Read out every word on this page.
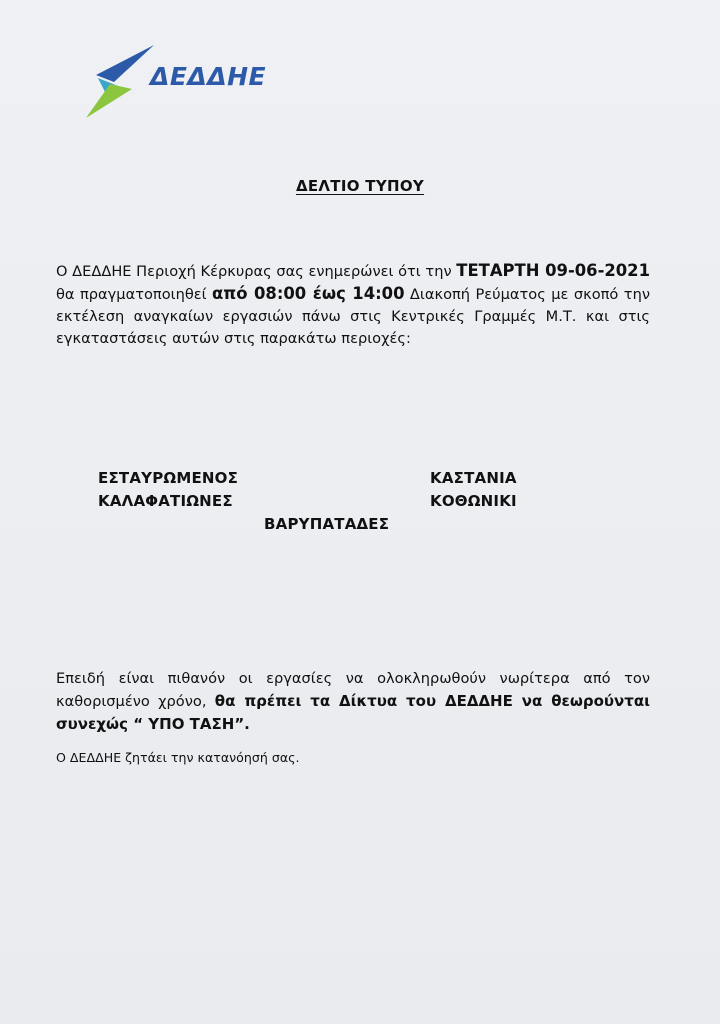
ΔΕΔΔΗΕ
ΔΕΛΤΙΟ ΤΥΠΟΥ
Ο ΔΕΔΔΗΕ Περιοχή Κέρκυρας σας ενημερώνει ότι την ΤΕΤΑΡΤΗ 09-06-2021 θα πραγματοποιηθεί από 08:00 έως 14:00 Διακοπή Ρεύματος με σκοπό την εκτέλεση αναγκαίων εργασιών πάνω στις Κεντρικές Γραμμές Μ.Τ. και στις εγκαταστάσεις αυτών στις παρακάτω περιοχές:
ΕΣΤΑΥΡΩΜΕΝΟΣ
ΚΑΛΑΦΑΤΙΩΝΕΣ
ΚΑΣΤΑΝΙΑ
ΚΟΘΩΝΙΚΙ
ΒΑΡΥΠΑΤΑΔΕΣ
Επειδή είναι πιθανόν οι εργασίες να ολοκληρωθούν νωρίτερα από τον καθορισμένο χρόνο, θα πρέπει τα Δίκτυα του ΔΕΔΔΗΕ να θεωρούνται συνεχώς “ ΥΠΟ ΤΑΣΗ”.
Ο ΔΕΔΔΗΕ ζητάει την κατανόησή σας.
